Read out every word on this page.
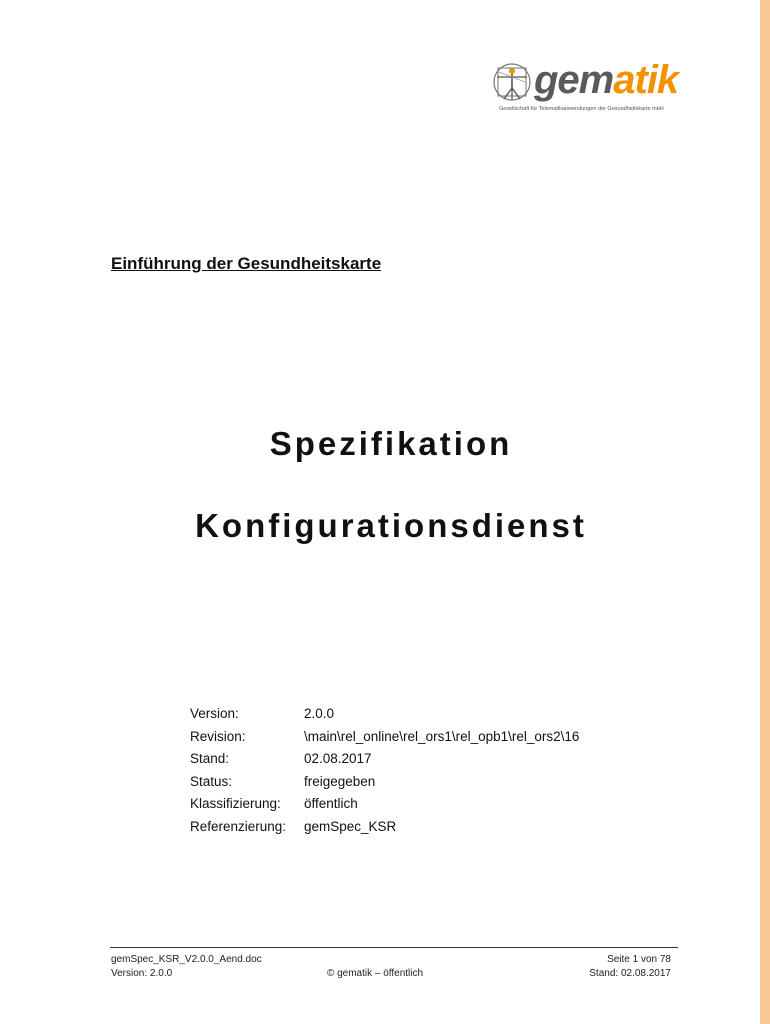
gematik
Gesellschaft für Telematikanwendungen der Gesundheitskarte mbH
Einführung der Gesundheitskarte
Spezifikation
Konfigurationsdienst
Version:	2.0.0
Revision:	\main\rel_online\rel_ors1\rel_opb1\rel_ors2\16
Stand:	02.08.2017
Status:	freigegeben
Klassifizierung: öffentlich
Referenzierung: gemSpec_KSR
gemSpec_KSR_V2.0.0_Aend.doc
Version: 2.0.0	© gematik – öffentlich
Seite 1 von 78
Stand: 02.08.2017
